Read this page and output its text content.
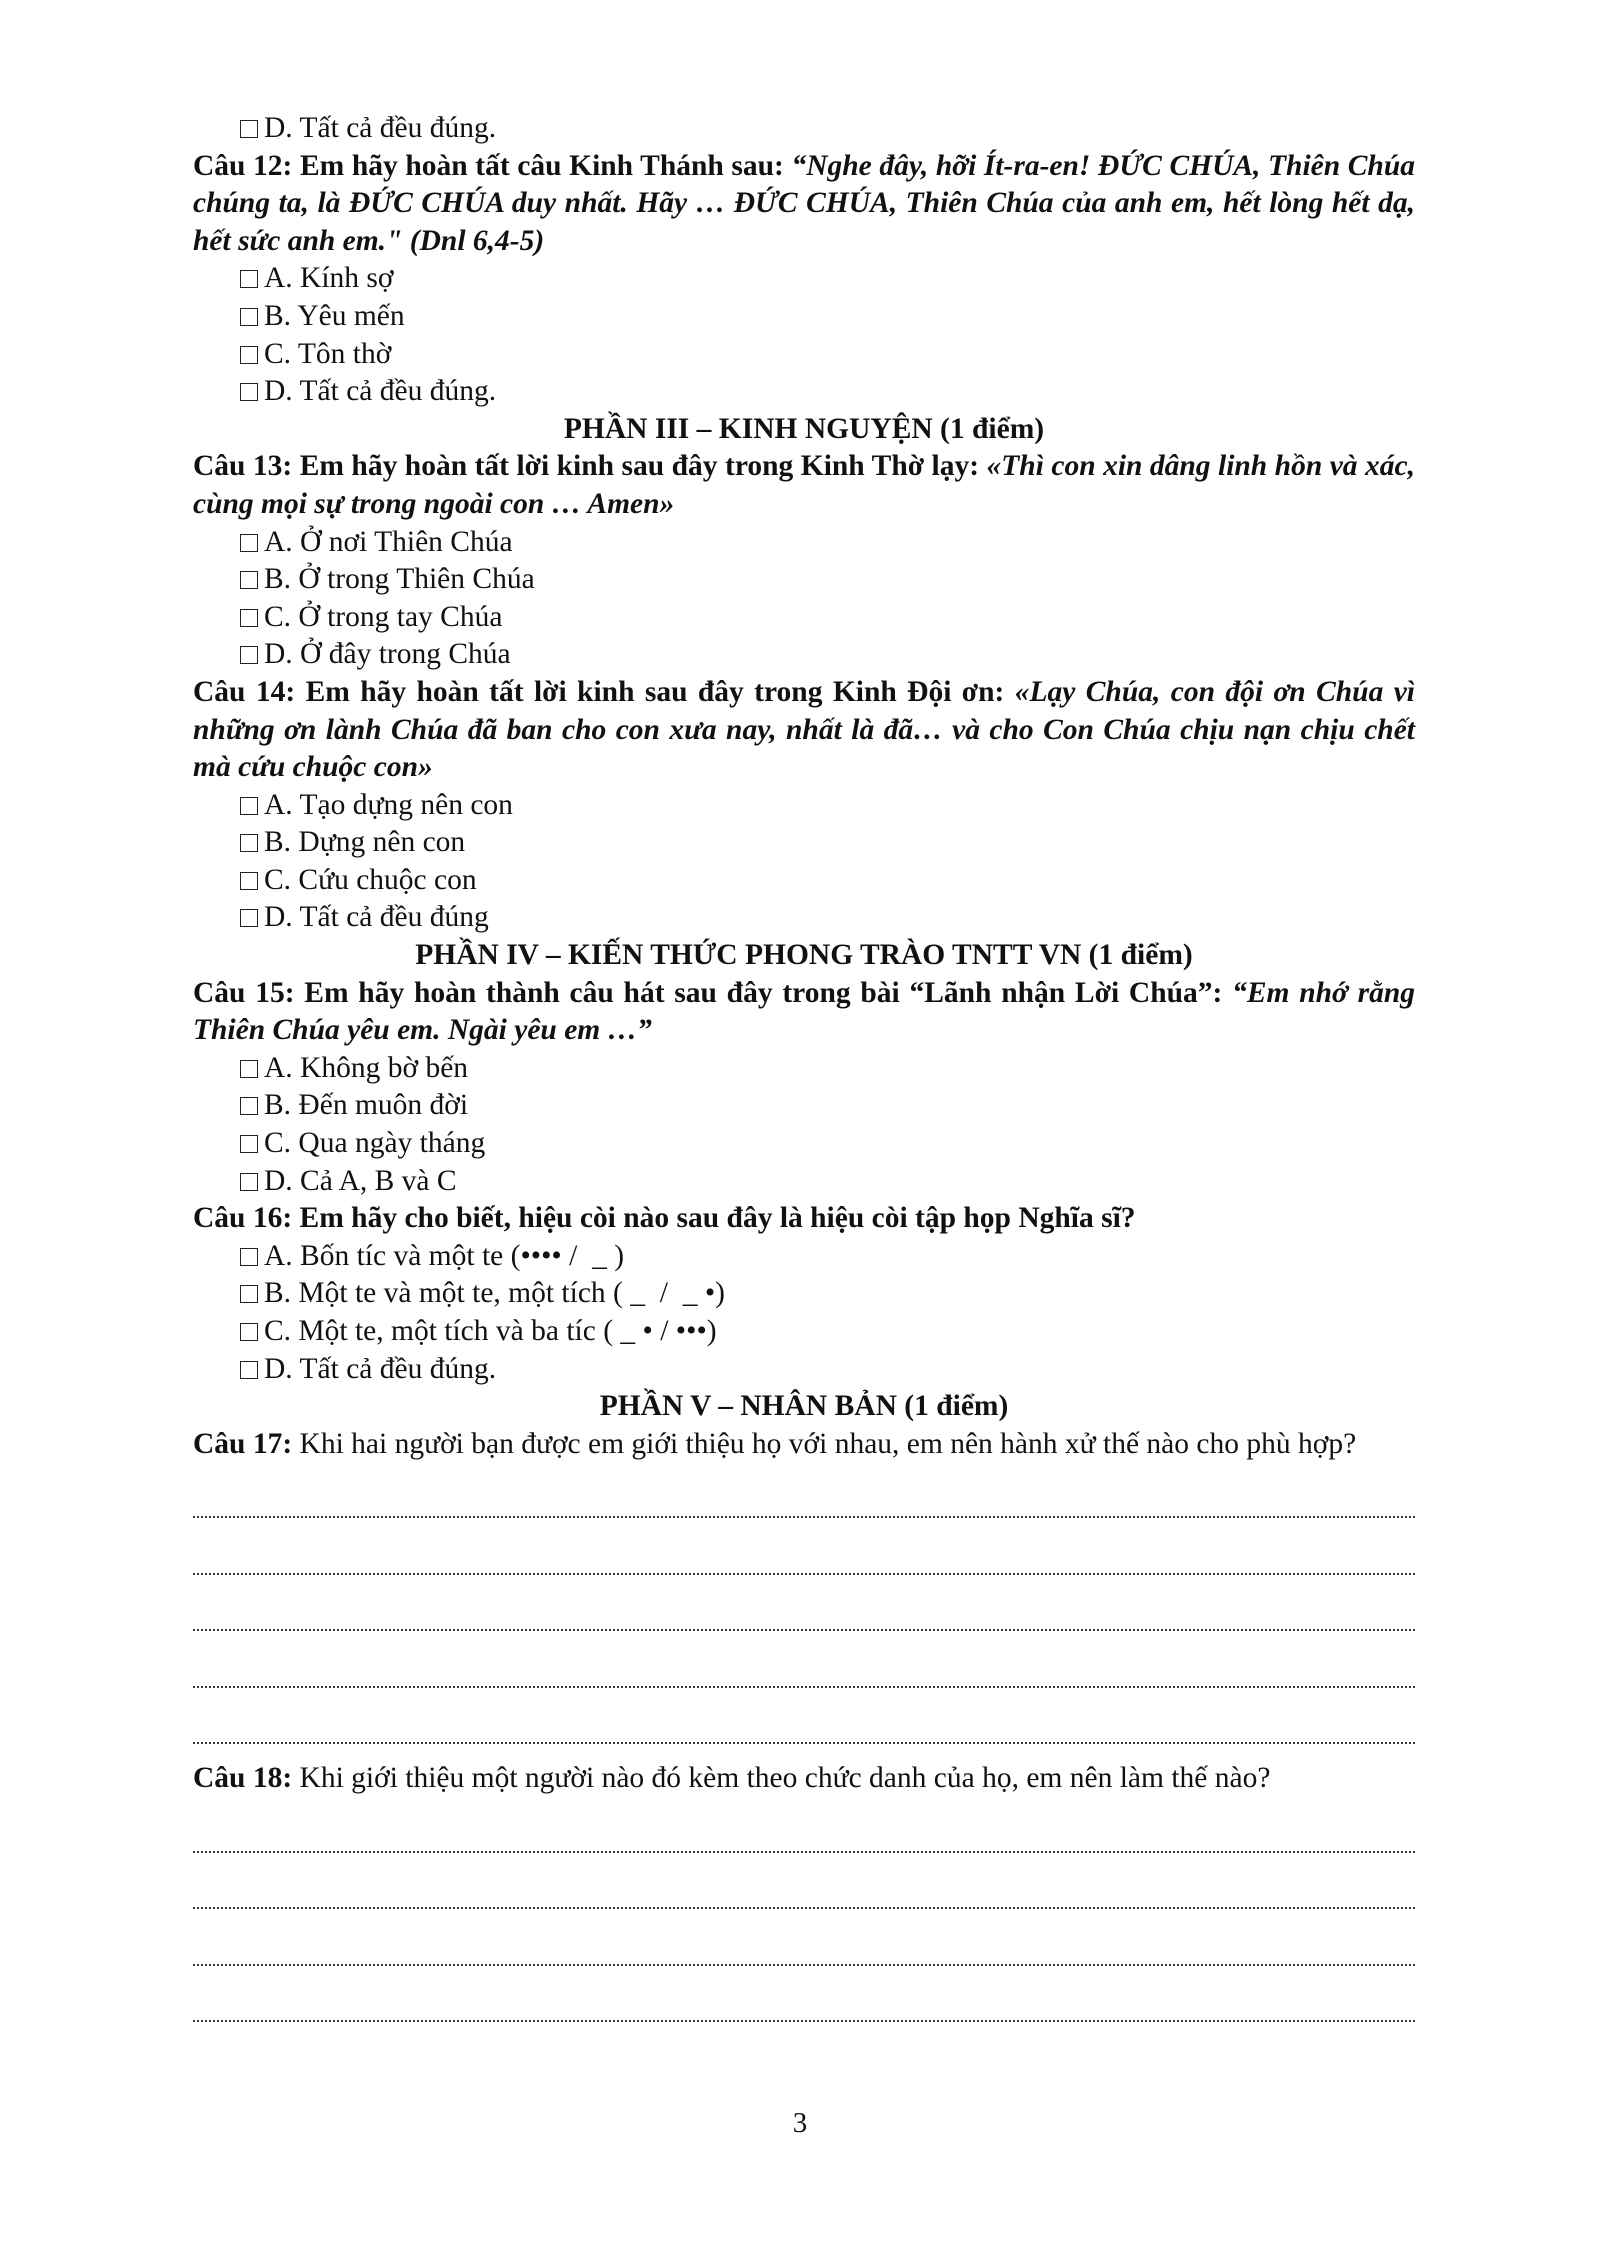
D. Tất cả đều đúng.
Câu 12: Em hãy hoàn tất câu Kinh Thánh sau: “Nghe đây, hỡi Ít-ra-en! ĐỨC CHÚA, Thiên Chúa chúng ta, là ĐỨC CHÚA duy nhất. Hãy … ĐỨC CHÚA, Thiên Chúa của anh em, hết lòng hết dạ, hết sức anh em." (Dnl 6,4-5)
A. Kính sợ
B. Yêu mến
C. Tôn thờ
D. Tất cả đều đúng.
PHẦN III – KINH NGUYỆN (1 điểm)
Câu 13: Em hãy hoàn tất lời kinh sau đây trong Kinh Thờ lạy: «Thì con xin dâng linh hồn và xác, cùng mọi sự trong ngoài con … Amen»
A. Ở nơi Thiên Chúa
B. Ở trong Thiên Chúa
C. Ở trong tay Chúa
D. Ở đây trong Chúa
Câu 14: Em hãy hoàn tất lời kinh sau đây trong Kinh Đội ơn: «Lạy Chúa, con đội ơn Chúa vì những ơn lành Chúa đã ban cho con xưa nay, nhất là đã… và cho Con Chúa chịu nạn chịu chết mà cứu chuộc con»
A. Tạo dựng nên con
B. Dựng nên con
C. Cứu chuộc con
D. Tất cả đều đúng
PHẦN IV – KIẾN THỨC PHONG TRÀO TNTT VN (1 điểm)
Câu 15: Em hãy hoàn thành câu hát sau đây trong bài “Lãnh nhận Lời Chúa”: “Em nhớ rằng Thiên Chúa yêu em. Ngài yêu em …”
A. Không bờ bến
B. Đến muôn đời
C. Qua ngày tháng
D. Cả A, B và C
Câu 16: Em hãy cho biết, hiệu còi nào sau đây là hiệu còi tập họp Nghĩa sĩ?
A. Bốn tíc và một te (•••• /  _ )
B. Một te và một te, một tích ( _  /  _ •)
C. Một te, một tích và ba tíc ( _ • / •••)
D. Tất cả đều đúng.
PHẦN V – NHÂN BẢN (1 điểm)
Câu 17: Khi hai người bạn được em giới thiệu họ với nhau, em nên hành xử thế nào cho phù hợp?
Câu 18: Khi giới thiệu một người nào đó kèm theo chức danh của họ, em nên làm thế nào?
3
